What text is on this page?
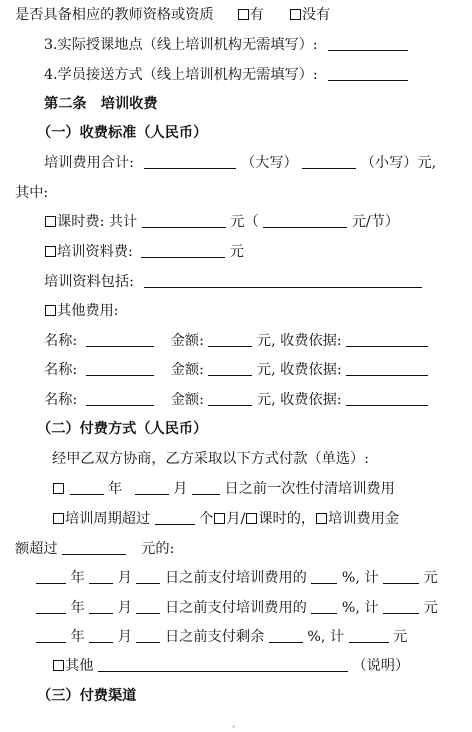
是否具备相应的教师资格或资质	有	没有
3.实际授课地点（线上培训机构无需填写）:
4.学员接送方式（线上培训机构无需填写）:
第二条　培训收费
（一）收费标准（人民币）
培训费用合计:	（大写）	（小写）元,
其中:
课时费: 共计	元（	元/节）
培训资料费:	元
培训资料包括:
其他费用:
名称:	金额:	元, 收费依据:
名称:	金额:	元, 收费依据:
名称:	金额:	元, 收费依据:
（二）付费方式（人民币）
经甲乙双方协商，乙方采取以下方式付款（单选）:
年	月	日之前一次性付清培训费用
培训周期超过	个 月/ 课时的， 培训费用金
额超过	元的:
年 月 日之前支付培训费用的 %, 计	元
年 月 日之前支付培训费用的 %, 计	元
年 月 日之前支付剩余	%, 计	元
其他	（说明）
（三）付费渠道
ᵃ
